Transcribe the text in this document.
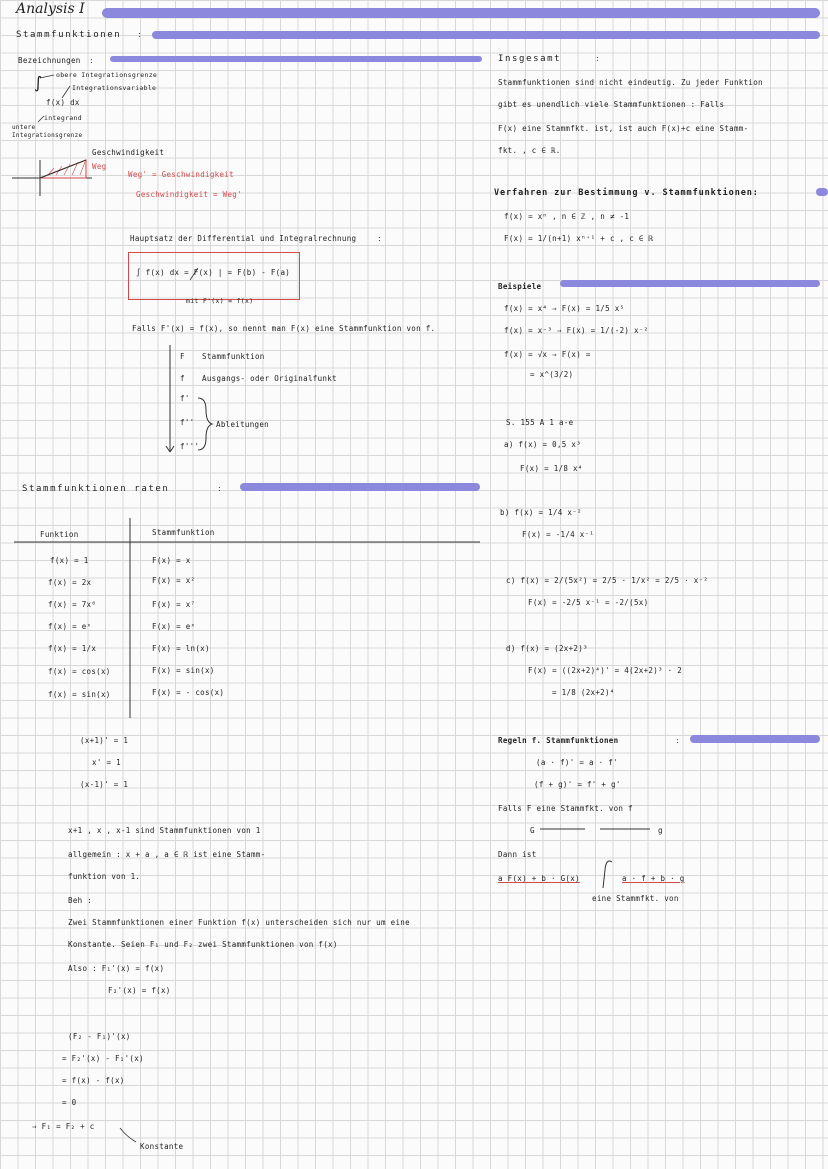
Analysis I
Stammfunktionen :
Bezeichnungen :
obere Integrationsgrenze
Integrationsvariable
∫
f(x) dx
integrand
untere Integrationsgrenze
Geschwindigkeit
Weg
Weg' = Geschwindigkeit
Geschwindigkeit = Weg'
Hauptsatz der Differential und Integralrechnung	:
∫ f(x) dx = F(x) | = F(b) - F(a)
mit F'(x) = f(x)
Falls F'(x) = f(x), so nennt man F(x) eine Stammfunktion von f.
F Stammfunktion
f Ausgangs- oder Originalfunkt
f'
f''
f'''
Ableitungen
Stammfunktionen raten	:
Funktion	Stammfunktion
f(x) = 1	F(x) = x
f(x) = 2x	F(x) = x²
f(x) = 7x⁶	F(x) = x⁷
f(x) = eˣ	F(x) = eˣ
f(x) = 1/x	F(x) = ln(x)
f(x) = cos(x)	F(x) = sin(x)
f(x) = sin(x)	F(x) = - cos(x)
(x+1)' = 1
x' = 1
(x-1)' = 1
x+1 , x , x-1 sind Stammfunktionen von 1
allgemein : x + a , a ∈ ℝ ist eine Stamm-
funktion von 1.
Beh :
Zwei Stammfunktionen einer Funktion f(x) unterscheiden sich nur um eine
Konstante. Seien F₁ und F₂ zwei Stammfunktionen von f(x)
Also : F₁'(x) = f(x)
F₂'(x) = f(x)
(F₂ - F₁)'(x)
= F₂'(x) - F₁'(x)
= f(x) - f(x)
= 0
⇒ F₁ = F₂ + c
Konstante
Insgesamt	:
Stammfunktionen sind nicht eindeutig. Zu jeder Funktion
gibt es unendlich viele Stammfunktionen : Falls
F(x) eine Stammfkt. ist, ist auch F(x)+c eine Stamm-
fkt. , c ∈ ℝ.
Verfahren zur Bestimmung v. Stammfunktionen:
f(x) = xⁿ , n ∈ ℤ , n ≠ -1
F(x) = 1/(n+1) xⁿ⁺¹ + c , c ∈ ℝ
Beispiele
f(x) = x⁴ ⇒ F(x) = 1/5 x⁵
f(x) = x⁻³ ⇒ F(x) = 1/(-2) x⁻²
f(x) = √x ⇒ F(x) =
= x^(3/2)
S. 155 A 1 a-e
a) f(x) = 0,5 x³
F(x) = 1/8 x⁴
b) f(x) = 1/4 x⁻²
F(x) = -1/4 x⁻¹
c) f(x) = 2/(5x²) = 2/5 · 1/x² = 2/5 · x⁻²
F(x) = -2/5 x⁻¹ = -2/(5x)
d) f(x) = (2x+2)³
F(x) = ((2x+2)⁴)' = 4(2x+2)³ · 2
= 1/8 (2x+2)⁴
Regeln f. Stammfunktionen	:
(a · f)' = a · f'
(f + g)' = f' + g'
Falls F eine Stammfkt. von f
G	g
Dann ist
a F(x) + b · G(x)	a · f + b · g
eine Stammfkt. von
